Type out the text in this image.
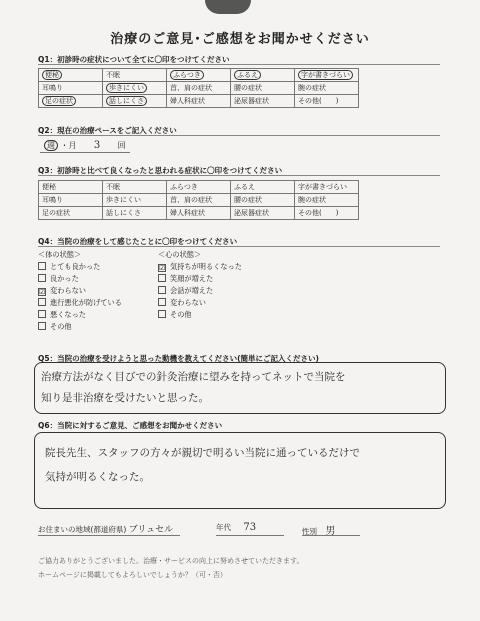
治療のご意見･ご感想をお聞かせください
Q1：初診時の症状について全てに〇印をつけてください
便秘	不眠	ふらつき	ふるえ	字が書きづらい
耳鳴り	歩きにくい	首、肩の症状	腰の症状	腕の症状
足の症状	話しにくさ	婦人科症状	泌尿器症状	その他(　　)
Q2：現在の治療ペースをご記入ください
週 ・月 3 回
Q3：初診時と比べて良くなったと思われる症状に〇印をつけてください
便秘	不眠	ふらつき	ふるえ	字が書きづらい
耳鳴り	歩きにくい	首、肩の症状	腰の症状	腕の症状
足の症状	話しにくさ	婦人科症状	泌尿器症状	その他(　　)
Q4：当院の治療をして感じたことに〇印をつけてください
＜体の状態＞
とても良かった
良かった
☑ 変わらない
進行悪化が防げている
悪くなった
その他
＜心の状態＞
☑ 気持ちが明るくなった
笑顔が増えた
会話が増えた
変わらない
その他
Q5：当院の治療を受けようと思った動機を教えてください(簡単にご記入ください)
治療方法がなく目びでの針灸治療に望みを持ってネットで当院を
知り是非治療を受けたいと思った。
Q6：当院に対するご意見、ご感想をお聞かせください
院長先生、スタッフの方々が親切で明るい当院に通っているだけで
気持が明るくなった。
お住まいの地域(都道府県) ブリュセル	年代 73	性別 男
ご協力ありがとうございました。治療・サービスの向上に努めさせていただきます。
ホームページに掲載してもよろしいでしょうか？（可・否）
